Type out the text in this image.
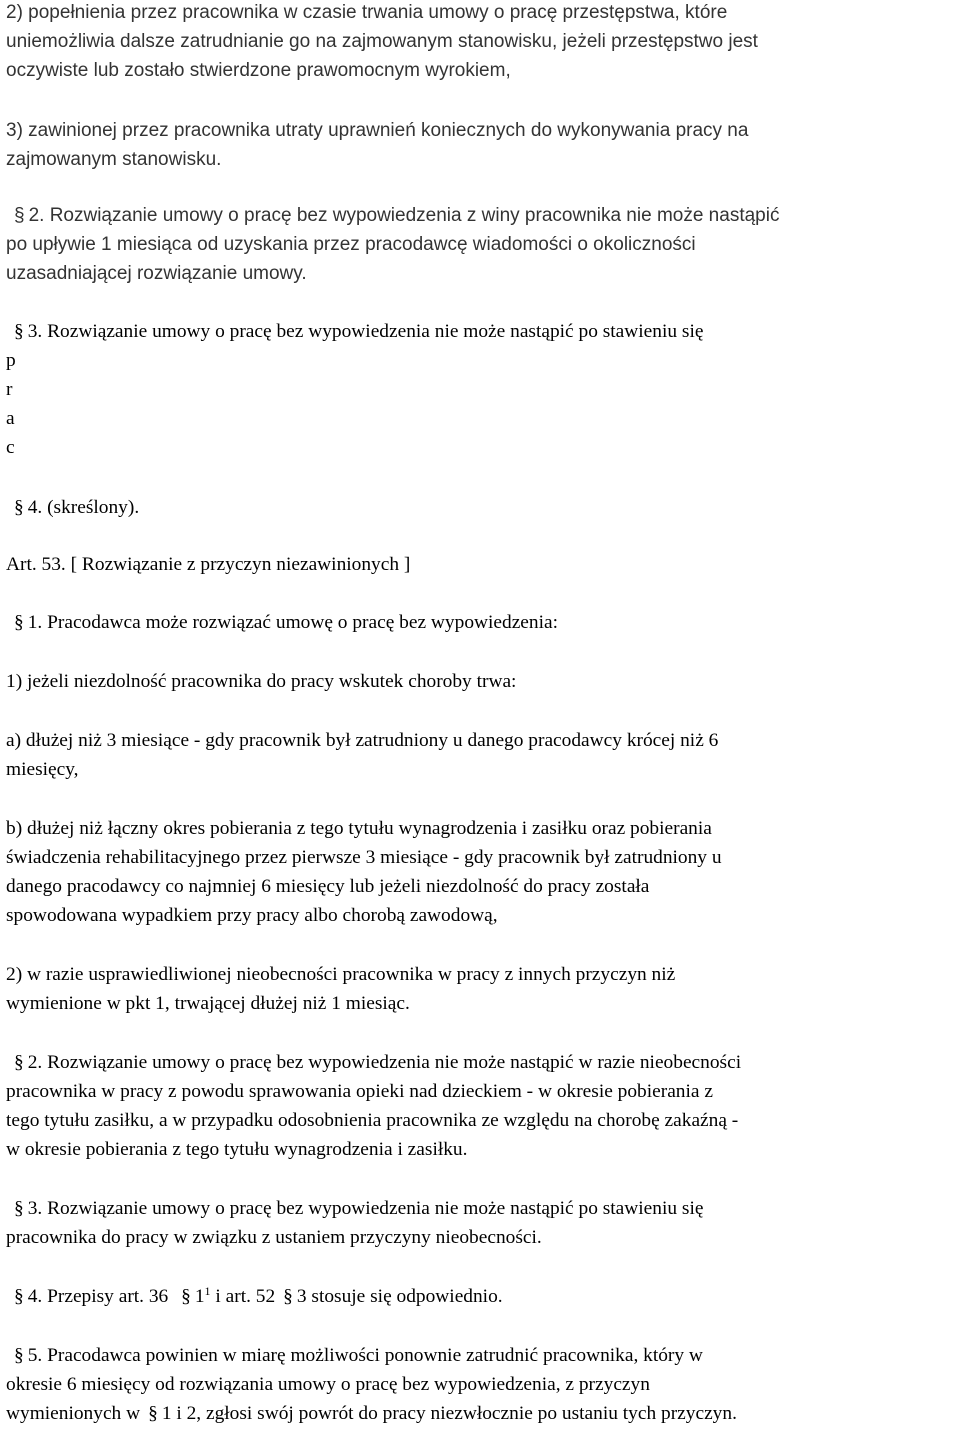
2) popełnienia przez pracownika w czasie trwania umowy o pracę przestępstwa, które
uniemożliwia dalsze zatrudnianie go na zajmowanym stanowisku, jeżeli przestępstwo jest
oczywiste lub zostało stwierdzone prawomocnym wyrokiem,
3) zawinionej przez pracownika utraty uprawnień koniecznych do wykonywania pracy na
zajmowanym stanowisku.
§ 2. Rozwiązanie umowy o pracę bez wypowiedzenia z winy pracownika nie może nastąpić
po upływie 1 miesiąca od uzyskania przez pracodawcę wiadomości o okoliczności
uzasadniającej rozwiązanie umowy.
§ 3. Rozwiązanie umowy o pracę bez wypowiedzenia nie może nastąpić po stawieniu się
p
r
a
c
§ 4. (skreślony).
Art. 53. [ Rozwiązanie z przyczyn niezawinionych ]
§ 1. Pracodawca może rozwiązać umowę o pracę bez wypowiedzenia:
1) jeżeli niezdolność pracownika do pracy wskutek choroby trwa:
a) dłużej niż 3 miesiące - gdy pracownik był zatrudniony u danego pracodawcy krócej niż 6
miesięcy,
b) dłużej niż łączny okres pobierania z tego tytułu wynagrodzenia i zasiłku oraz pobierania
świadczenia rehabilitacyjnego przez pierwsze 3 miesiące - gdy pracownik był zatrudniony u
danego pracodawcy co najmniej 6 miesięcy lub jeżeli niezdolność do pracy została
spowodowana wypadkiem przy pracy albo chorobą zawodową,
2) w razie usprawiedliwionej nieobecności pracownika w pracy z innych przyczyn niż
wymienione w pkt 1, trwającej dłużej niż 1 miesiąc.
§ 2. Rozwiązanie umowy o pracę bez wypowiedzenia nie może nastąpić w razie nieobecności
pracownika w pracy z powodu sprawowania opieki nad dzieckiem - w okresie pobierania z
tego tytułu zasiłku, a w przypadku odosobnienia pracownika ze względu na chorobę zakaźną -
w okresie pobierania z tego tytułu wynagrodzenia i zasiłku.
§ 3. Rozwiązanie umowy o pracę bez wypowiedzenia nie może nastąpić po stawieniu się
pracownika do pracy w związku z ustaniem przyczyny nieobecności.
§ 4. Przepisy art. 36 § $1^1$ i art. 52 § 3 stosuje się odpowiednio.
§ 5. Pracodawca powinien w miarę możliwości ponownie zatrudnić pracownika, który w
okresie 6 miesięcy od rozwiązania umowy o pracę bez wypowiedzenia, z przyczyn
wymienionych w § 1 i 2, zgłosi swój powrót do pracy niezwłocznie po ustaniu tych przyczyn.
